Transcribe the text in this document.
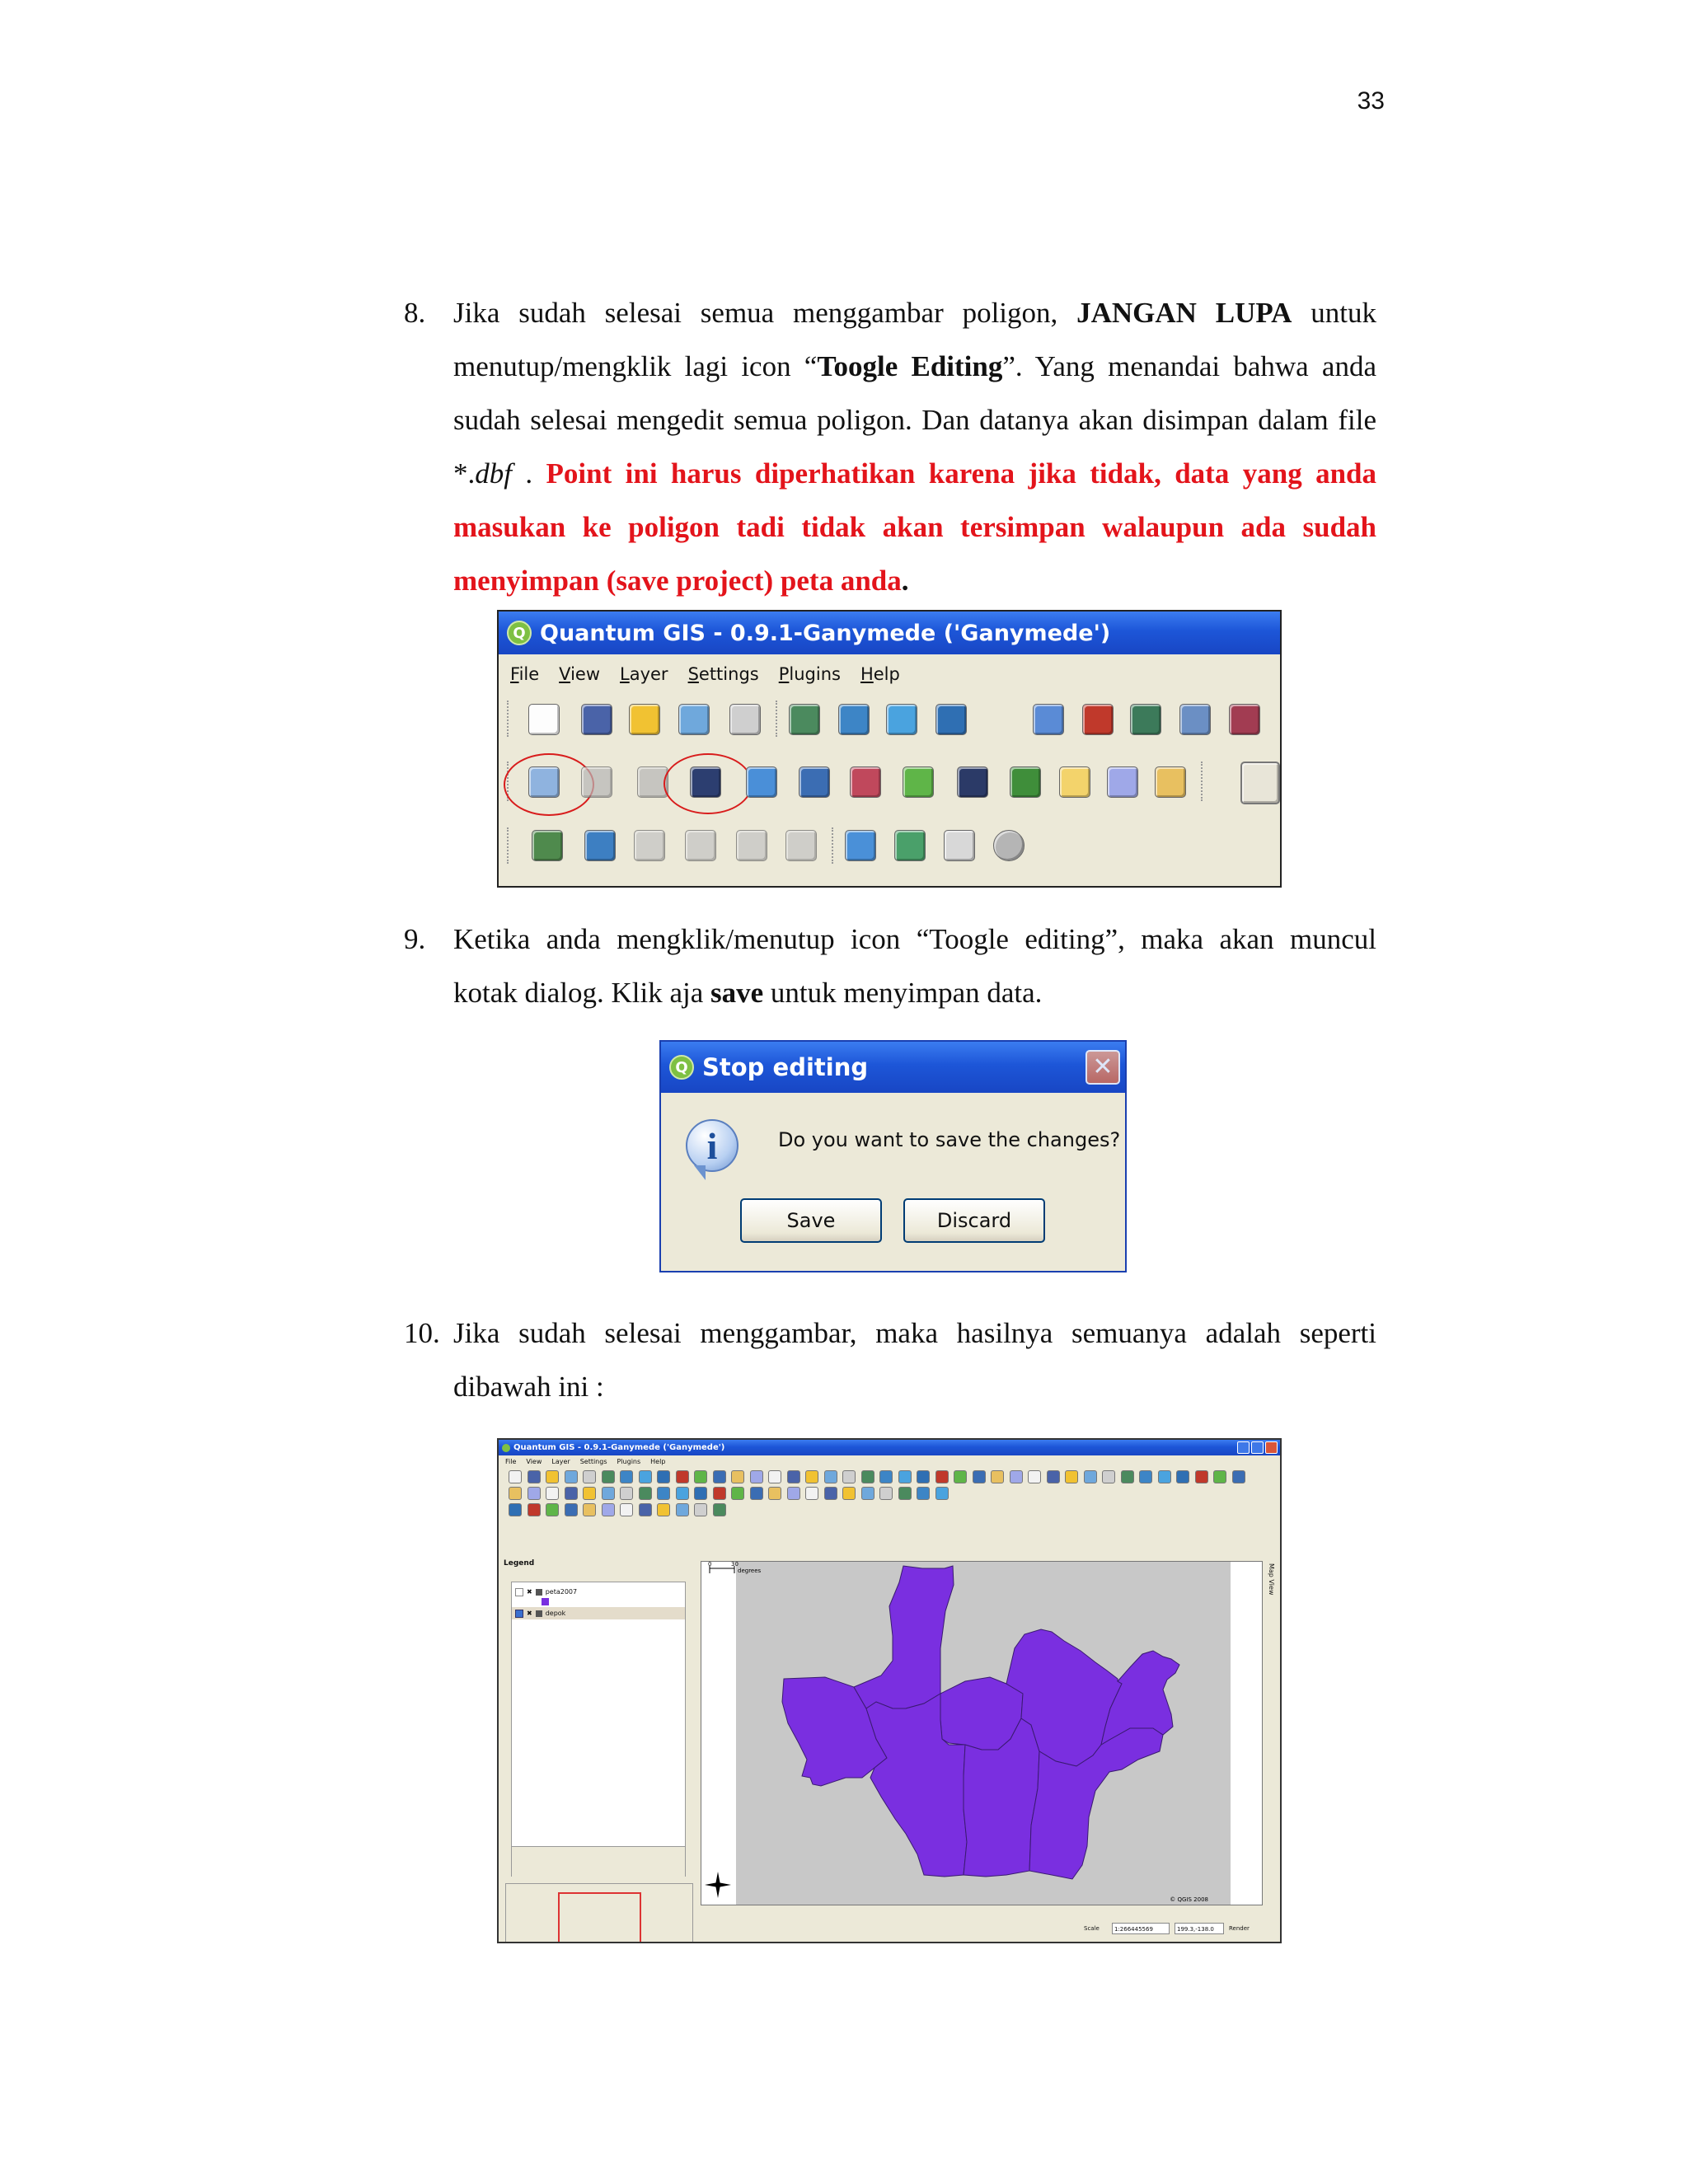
33
8. Jika sudah selesai semua menggambar poligon, JANGAN LUPA untuk menutup/mengklik lagi icon “Toogle Editing”. Yang menandai bahwa anda sudah selesai mengedit semua poligon. Dan datanya akan disimpan dalam file *.dbf . Point ini harus diperhatikan karena jika tidak, data yang anda masukan ke poligon tadi tidak akan tersimpan walaupun ada sudah menyimpan (save project) peta anda.
Q Quantum GIS - 0.9.1-Ganymede ('Ganymede')
File View Layer Settings Plugins Help
9. Ketika anda mengklik/menutup icon “Toogle editing”, maka akan muncul kotak dialog. Klik aja save untuk menyimpan data.
Q Stop editing	✕
i	Do you want to save the changes?
Save	Discard
10. Jika sudah selesai menggambar, maka hasilnya semuanya adalah seperti dibawah ini :
Quantum GIS - 0.9.1-Ganymede ('Ganymede')
File View Layer Settings Plugins Help
Legend
✖ peta2007
✖ depok
0	30
degrees
© QGIS 2008
Map View
Scale	1:266445569	199.3,-138.0	Render
